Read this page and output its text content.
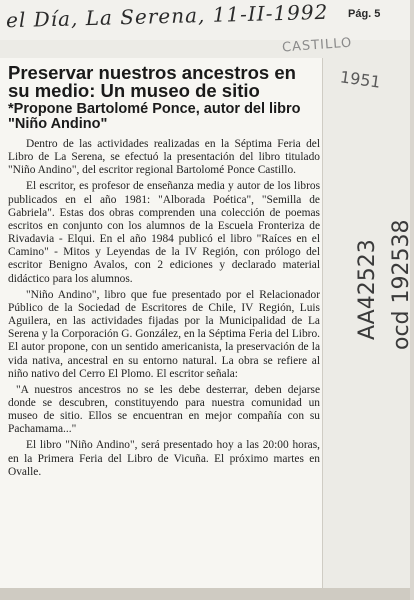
el Día, La Serena, 11-II-1992 Pág. 5
CASTILLO
1951
AA42523 ocd 192538
Preservar nuestros ancestros en su medio: Un museo de sitio
*Propone Bartolomé Ponce, autor del libro "Niño Andino"

Dentro de las actividades realizadas en la Séptima Feria del Libro de La Serena, se efectuó la presentación del libro titulado "Niño Andino", del escritor regional Bartolomé Ponce Castillo.

El escritor, es profesor de enseñanza media y autor de los libros publicados en el año 1981: "Alborada Poética", "Semilla de Gabriela". Estas dos obras comprenden una colección de poemas escritos en conjunto con los alumnos de la Escuela Fronteriza de Rivadavia - Elqui. En el año 1984 publicó el libro "Raíces en el Camino" - Mitos y Leyendas de la IV Región, con prólogo del escritor Benigno Avalos, con 2 ediciones y declarado material didáctico para los alumnos.

"Niño Andino", libro que fue presentado por el Relacionador Público de la Sociedad de Escritores de Chile, IV Región, Luis Aguilera, en las actividades fijadas por la Municipalidad de La Serena y la Corporación G. González, en la Séptima Feria del Libro. El autor propone, con un sentido americanista, la preservación de la vida nativa, ancestral en su entorno natural. La obra se refiere al niño nativo del Cerro El Plomo. El escritor señala:

"A nuestros ancestros no se les debe desterrar, deben dejarse donde se descubren, constituyendo para nuestra comunidad un museo de sitio. Ellos se encuentran en mejor compañía con su Pachamama..."

El libro "Niño Andino", será presentado hoy a las 20:00 horas, en la Primera Feria del Libro de Vicuña. El próximo martes en Ovalle.
